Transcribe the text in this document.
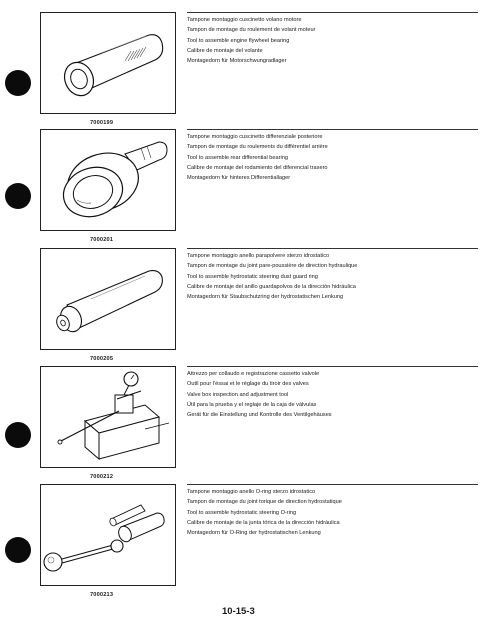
7000199
Tampone montaggio cuscinetto volano motore
Tampon de montage du roulement de volant moteur
Tool to assemble engine flywheel bearing
Calibre de montaje del volante
Montagedorn für Motorschwungradlager
7000201
Tampone montaggio cuscinetto differenziale posteriore
Tampon de montage du roulements du différentiel arrière
Tool to assemble rear differential bearing
Calibre de montaje del rodamiento del diferencial trasero
Montagedorn für hinteres Differentiallager
7000205
Tampone montaggio anello parapolvere sterzo idrostatico
Tampon de montage du joint pare-poussière de direction hydraulique
Tool to assemble hydrostatic steering dust guard ring
Calibre de montaje del anillo guardapolvos de la dirección hidráulica
Montagedorn für Staubschutzring der hydrostatischen Lenkung
7000212
Attrezzo per collaudo e registrazione cassetto valvole
Outil pour l'éssai et le réglage du tiroir des valves
Valve box inspection and adjustment tool
Útil para la prueba y el reglaje de la caja de válvulas
Gerät für die Einstellung und Kontrolle des Ventilgehäuses
7000213
Tampone montaggio anello O-ring sterzo idrostatico
Tampon de montage du joint torique de direction hydrostatique
Tool to assemble hydrostatic steering O-ring
Calibre de montaje de la junta tórica de la dirección hidráulica
Montagedorn für O-Ring der hydrostatischen Lenkung
10-15-3
